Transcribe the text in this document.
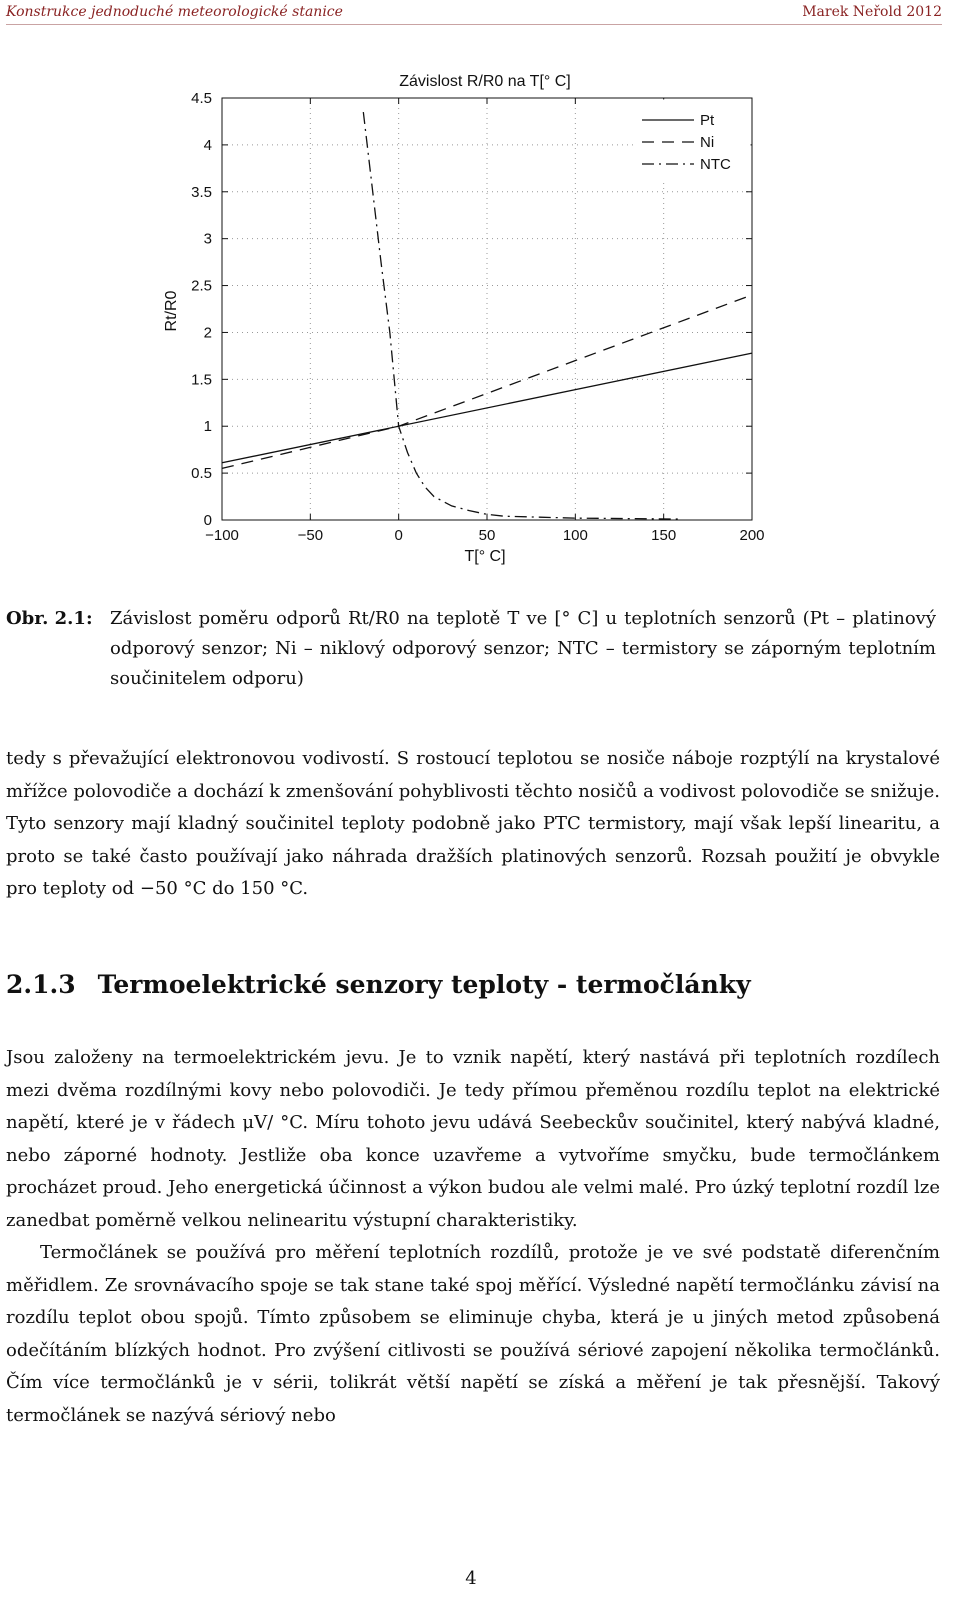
Konstrukce jednoduché meteorologické stanice	Marek Neřold 2012
Závislost R/R0 na T[° C]
−100	−50	0	50	100	150	200
0
0.5
1
1.5
2
2.5
3
3.5
4
4.5
Pt
Ni
NTC
T[° C]
Rt/R0
Obr. 2.1: Závislost poměru odporů Rt/R0 na teplotě T ve [° C] u teplotních senzorů (Pt – platinový odporový senzor; Ni – niklový odporový senzor; NTC – termistory se záporným teplotním součinitelem odporu)

tedy s převažující elektronovou vodivostí. S rostoucí teplotou se nosiče náboje rozptýlí na krystalové mřížce polovodiče a dochází k zmenšování pohyblivosti těchto nosičů a vodivost polovodiče se snižuje. Tyto senzory mají kladný součinitel teploty podobně jako PTC termistory, mají však lepší linearitu, a proto se také často používají jako náhrada dražších platinových senzorů. Rozsah použití je obvykle pro teploty od −50 °C do 150 °C.

2.1.3 Termoelektrické senzory teploty - termočlánky

Jsou založeny na termoelektrickém jevu. Je to vznik napětí, který nastává při teplotních rozdílech mezi dvěma rozdílnými kovy nebo polovodiči. Je tedy přímou přeměnou rozdílu teplot na elektrické napětí, které je v řádech μV/ °C. Míru tohoto jevu udává Seebeckův součinitel, který nabývá kladné, nebo záporné hodnoty. Jestliže oba konce uzavřeme a vytvoříme smyčku, bude termočlánkem procházet proud. Jeho energetická účinnost a výkon budou ale velmi malé. Pro úzký teplotní rozdíl lze zanedbat poměrně velkou nelinearitu výstupní charakteristiky.

Termočlánek se používá pro měření teplotních rozdílů, protože je ve své podstatě diferenčním měřidlem. Ze srovnávacího spoje se tak stane také spoj měřící. Výsledné napětí termočlánku závisí na rozdílu teplot obou spojů. Tímto způsobem se eliminuje chyba, která je u jiných metod způsobená odečítáním blízkých hodnot. Pro zvýšení citlivosti se používá sériové zapojení několika termočlánků. Čím více termočlánků je v sérii, tolikrát větší napětí se získá a měření je tak přesnější. Takový termočlánek se nazývá sériový nebo

4
